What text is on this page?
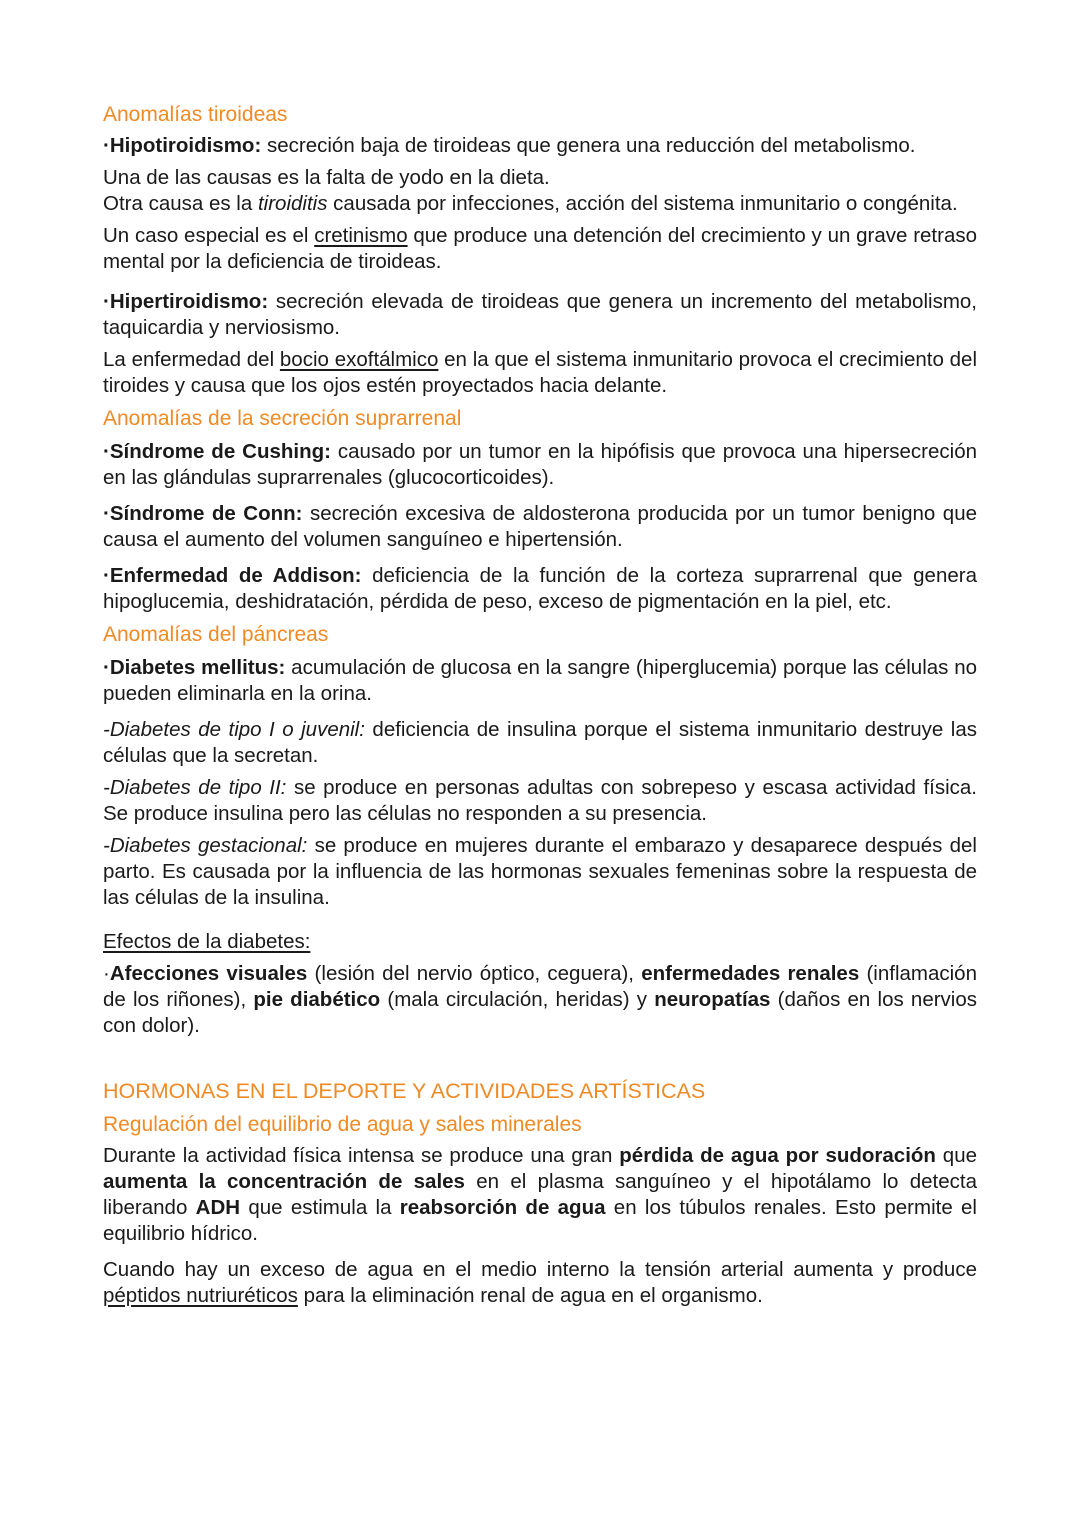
Anomalías tiroideas

·Hipotiroidismo: secreción baja de tiroideas que genera una reducción del metabolismo.

Una de las causas es la falta de yodo en la dieta.

Otra causa es la tiroiditis causada por infecciones, acción del sistema inmunitario o congénita.

Un caso especial es el cretinismo que produce una detención del crecimiento y un grave retraso mental por la deficiencia de tiroideas.

·Hipertiroidismo: secreción elevada de tiroideas que genera un incremento del metabolismo, taquicardia y nerviosismo.

La enfermedad del bocio exoftálmico en la que el sistema inmunitario provoca el crecimiento del tiroides y causa que los ojos estén proyectados hacia delante.

Anomalías de la secreción suprarrenal

·Síndrome de Cushing: causado por un tumor en la hipófisis que provoca una hipersecreción en las glándulas suprarrenales (glucocorticoides).

·Síndrome de Conn: secreción excesiva de aldosterona producida por un tumor benigno que causa el aumento del volumen sanguíneo e hipertensión.

·Enfermedad de Addison: deficiencia de la función de la corteza suprarrenal que genera hipoglucemia, deshidratación, pérdida de peso, exceso de pigmentación en la piel, etc.

Anomalías del páncreas

·Diabetes mellitus: acumulación de glucosa en la sangre (hiperglucemia) porque las células no pueden eliminarla en la orina.

-Diabetes de tipo I o juvenil: deficiencia de insulina porque el sistema inmunitario destruye las células que la secretan.

-Diabetes de tipo II: se produce en personas adultas con sobrepeso y escasa actividad física. Se produce insulina pero las células no responden a su presencia.

-Diabetes gestacional: se produce en mujeres durante el embarazo y desaparece después del parto. Es causada por la influencia de las hormonas sexuales femeninas sobre la respuesta de las células de la insulina.

Efectos de la diabetes:

·Afecciones visuales (lesión del nervio óptico, ceguera), enfermedades renales (inflamación de los riñones), pie diabético (mala circulación, heridas) y neuropatías (daños en los nervios con dolor).

HORMONAS EN EL DEPORTE Y ACTIVIDADES ARTÍSTICAS
Regulación del equilibrio de agua y sales minerales

Durante la actividad física intensa se produce una gran pérdida de agua por sudoración que aumenta la concentración de sales en el plasma sanguíneo y el hipotálamo lo detecta liberando ADH que estimula la reabsorción de agua en los túbulos renales. Esto permite el equilibrio hídrico.

Cuando hay un exceso de agua en el medio interno la tensión arterial aumenta y produce péptidos nutriuréticos para la eliminación renal de agua en el organismo.
